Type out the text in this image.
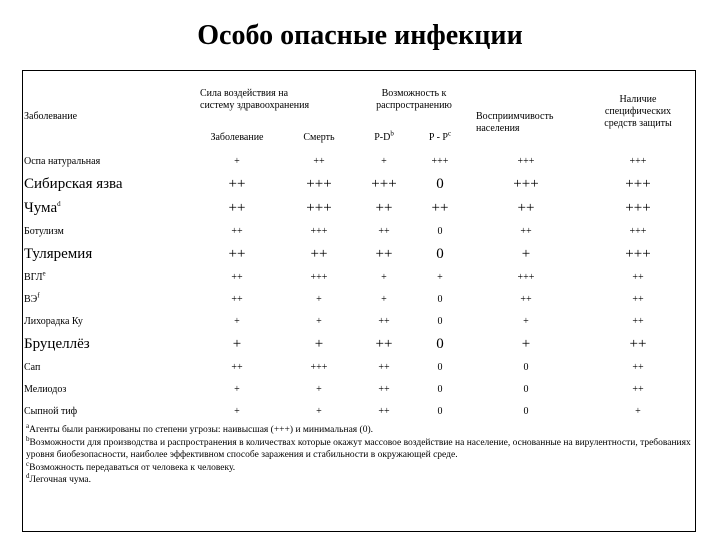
Особо опасные инфекции
Заболевание	Сила воздействия на систему здравоохранения		Возможность к распространению		Восприимчивость населения	Наличие специфических средств защиты

	Заболевание	Смерть	$P-D^b$	P - $P^c$
Оспа натуральная	+	++	+	+++	+++	+++
Сибирская язва	++	+++	+++	0	+++	+++
Чума$^d$	++	+++	++	++	++	+++
Ботулизм	++	+++	++	0	++	+++
Туляремия	++	++	++	0	+	+++
$ВГЛ^e$	++	+++	+	+	+++	++
$ВЭ^f$	++	+	+	0	++	++
Лихорадка Ку	+	+	++	0	+	++
Бруцеллёз	+	+	++	0	+	++
Сап	++	+++	++	0	0	++
Мелиодоз	+	+	++	0	0	++
Сыпной тиф	+	+	++	0	0	+
$^a$Агенты были ранжированы по степени угрозы: наивысшая (+++) и минимальная (0).
$^b$Возможности для производства и распространения в количествах которые окажут массовое воздействие на население, основанные на вирулентности, требованиях уровня биобезопасности, наиболее эффективном способе заражения и стабильности в окружающей среде.
$^c$Возможность передаваться от человека к человеку.
$^d$Легочная чума.
